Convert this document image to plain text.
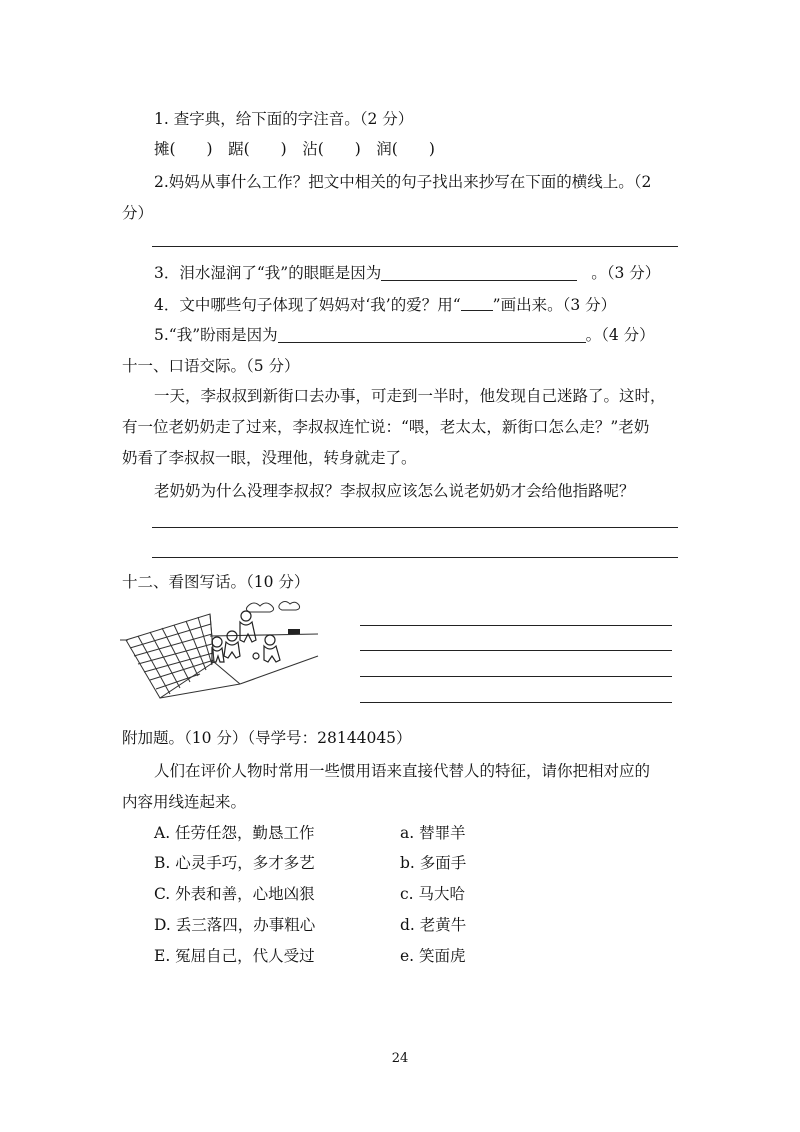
1. 查字典，给下面的字注音。（2 分）
摊(　　)　踞(　　)　沾(　　)　润(　　)
2.妈妈从事什么工作？把文中相关的句子找出来抄写在下面的横线上。（2
分）
3．泪水湿润了“我”的眼眶是因为	。（3 分）
4．文中哪些句子体现了妈妈对‘我’的爱？用“ ”画出来。（3 分）
5.“我”盼雨是因为	。（4 分）
十一、口语交际。（5 分）
一天，李叔叔到新街口去办事，可走到一半时，他发现自己迷路了。这时，
有一位老奶奶走了过来，李叔叔连忙说：“喂，老太太，新街口怎么走？”老奶
奶看了李叔叔一眼，没理他，转身就走了。
老奶奶为什么没理李叔叔？李叔叔应该怎么说老奶奶才会给他指路呢？
十二、看图写话。（10 分）
附加题。（10 分）（导学号：28144045）
人们在评价人物时常用一些惯用语来直接代替人的特征，请你把相对应的
内容用线连起来。
A. 任劳任怨，勤恳工作
B. 心灵手巧，多才多艺
C. 外表和善，心地凶狠
D. 丢三落四，办事粗心
E. 冤屈自己，代人受过
a. 替罪羊
b. 多面手
c. 马大哈
d. 老黄牛
e. 笑面虎
24
